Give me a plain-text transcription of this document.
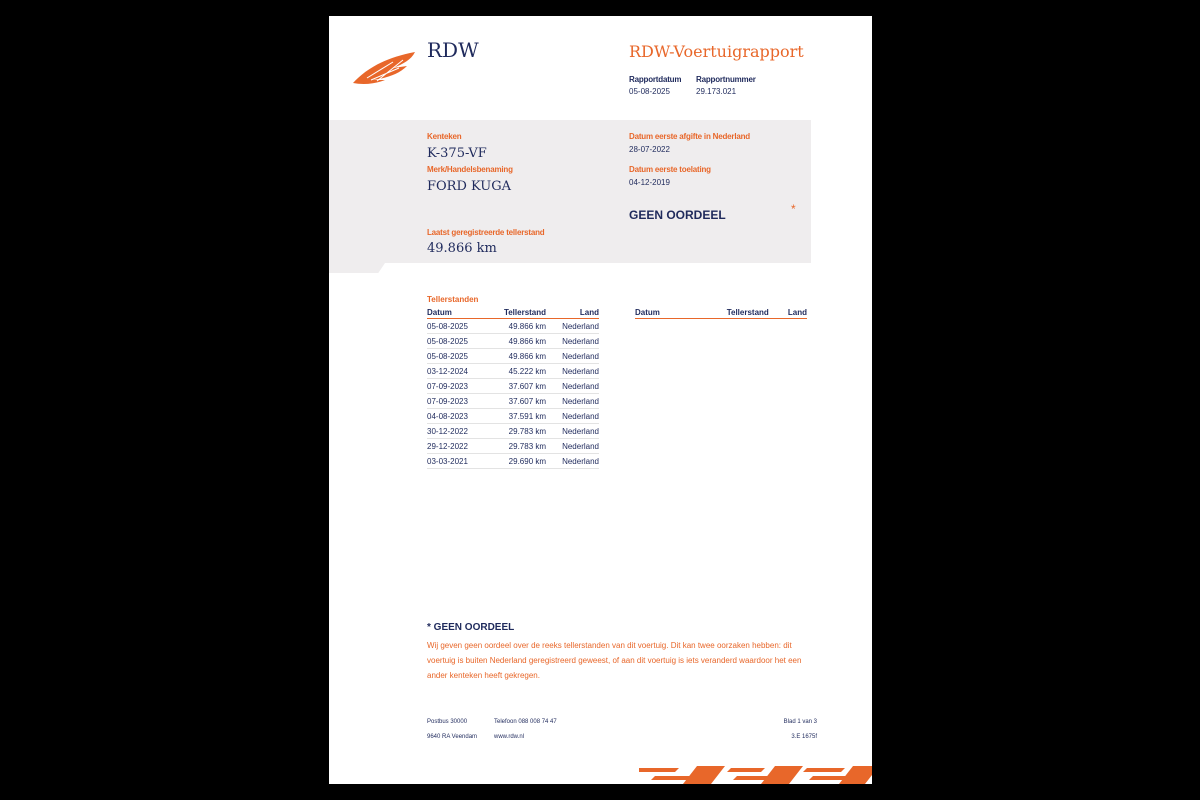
RDW	RDW-Voertuigrapport
Rapportdatum
05-08-2025
Rapportnummer
29.173.021
Kenteken
K-375-VF
Merk/Handelsbenaming
FORD KUGA
Laatst geregistreerde tellerstand
49.866 km
Datum eerste afgifte in Nederland
28-07-2022
Datum eerste toelating
04-12-2019
GEEN OORDEEL	*
Tellerstanden
Datum	Tellerstand	Land
05-08-2025	49.866 km	Nederland
05-08-2025	49.866 km	Nederland
05-08-2025	49.866 km	Nederland
03-12-2024	45.222 km	Nederland
07-09-2023	37.607 km	Nederland
07-09-2023	37.607 km	Nederland
04-08-2023	37.591 km	Nederland
30-12-2022	29.783 km	Nederland
29-12-2022	29.783 km	Nederland
03-03-2021	29.690 km	Nederland
Datum	Tellerstand	Land
* GEEN OORDEEL
Wij geven geen oordeel over de reeks tellerstanden van dit voertuig. Dit kan twee oorzaken hebben: dit voertuig is buiten Nederland geregistreerd geweest, of aan dit voertuig is iets veranderd waardoor het een ander kenteken heeft gekregen.
Postbus 30000
9640 RA Veendam
Telefoon 088 008 74 47
www.rdw.nl
Blad 1 van 3
3.E 1675f
